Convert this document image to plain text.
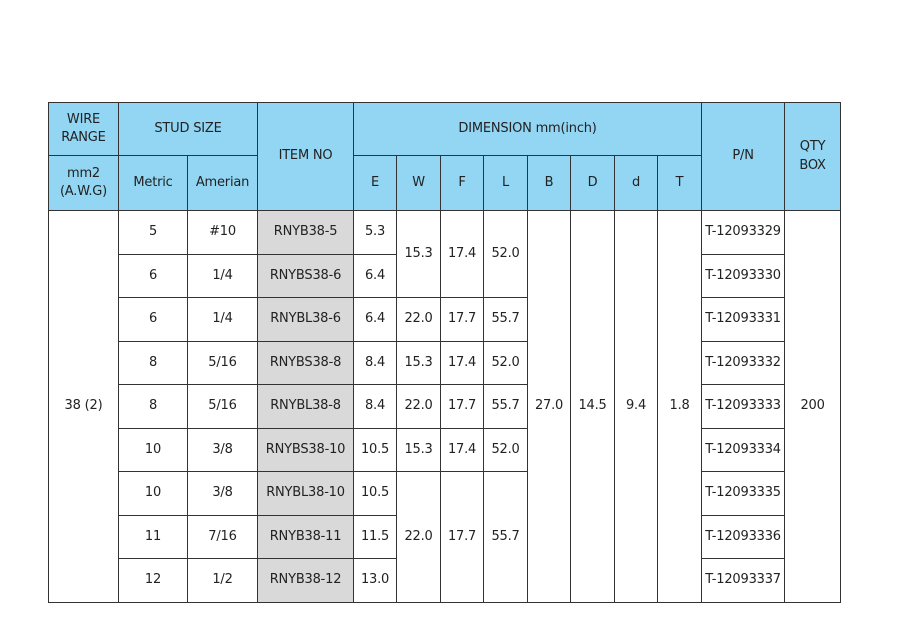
WIRE RANGE	STUD SIZE		ITEM NO	DIMENSION mm(inch)								P/N	QTY BOX
mm2 (A.W.G)	Metric	Amerian		E	W	F	L	B	D	d	T		
38 (2)	5	#10	RNYB38-5	5.3	15.3	17.4	52.0	27.0	14.5	9.4	1.8	T-12093329	200
	6	1/4	RNYBS38-6	6.4								T-12093330	
	6	1/4	RNYBL38-6	6.4	22.0	17.7	55.7					T-12093331	
	8	5/16	RNYBS38-8	8.4	15.3	17.4	52.0					T-12093332	
	8	5/16	RNYBL38-8	8.4	22.0	17.7	55.7					T-12093333	
	10	3/8	RNYBS38-10	10.5	15.3	17.4	52.0					T-12093334	
	10	3/8	RNYBL38-10	10.5	22.0	17.7	55.7					T-12093335	
	11	7/16	RNYB38-11	11.5								T-12093336	
	12	1/2	RNYB38-12	13.0								T-12093337	
